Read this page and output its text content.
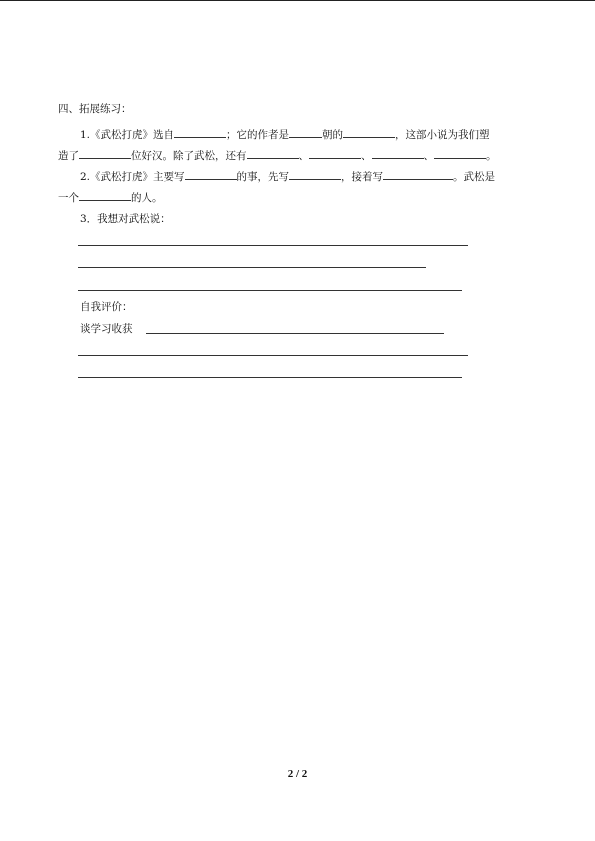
四、拓展练习：
1.《武松打虎》选自	；它的作者是	朝的	，这部小说为我们塑
造了	位好汉。除了武松，还有	、	、	、	。
2.《武松打虎》主要写	的事，先写	，接着写	。武松是
一个	的人。
3．我想对武松说：
自我评价：
谈学习收获
2 / 2
